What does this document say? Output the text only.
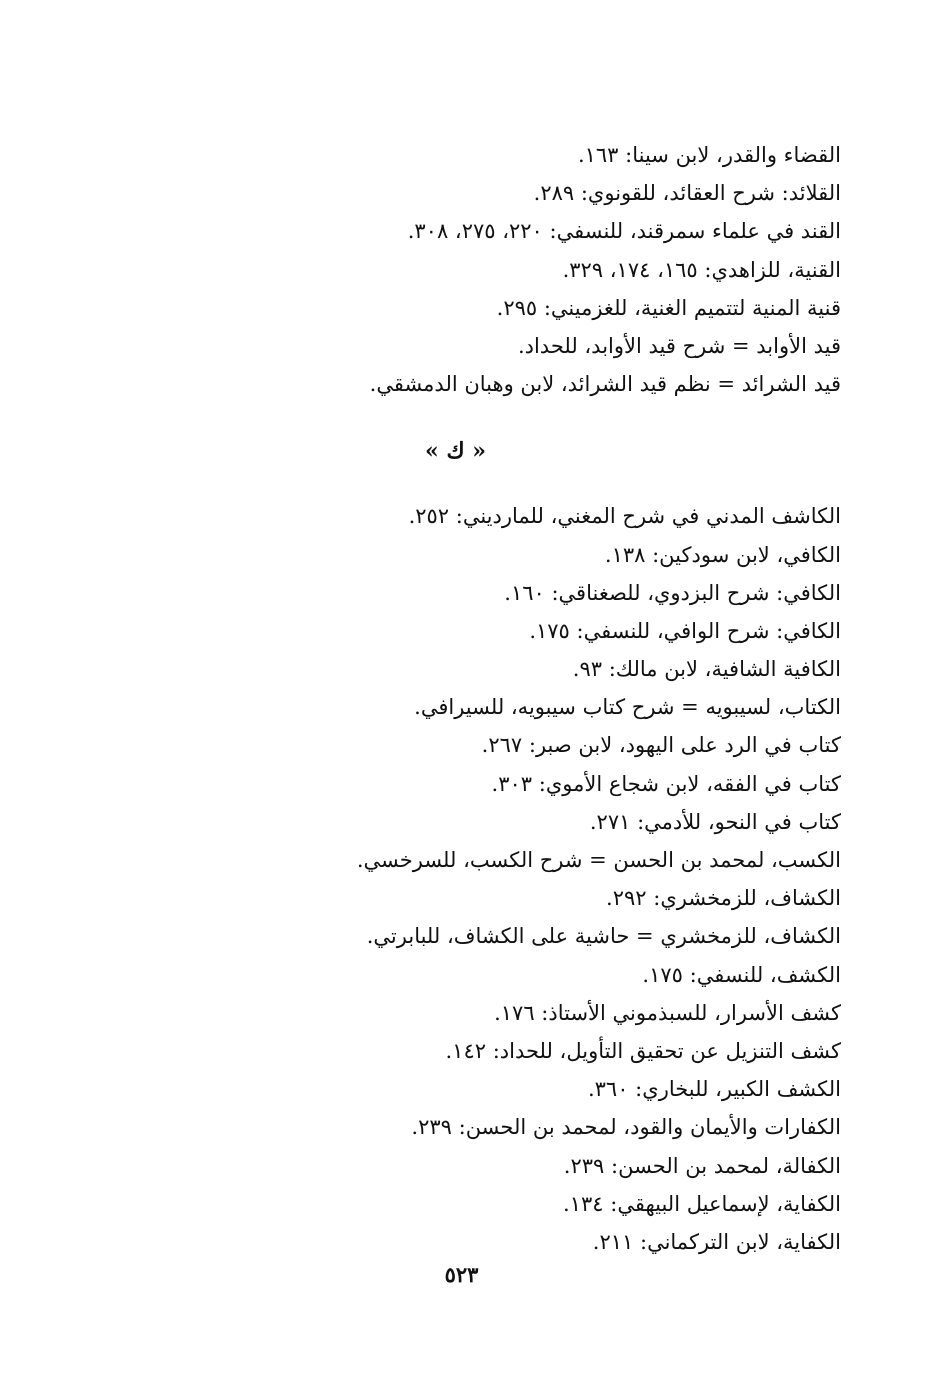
القضاء والقدر، لابن سينا: ١٦٣.
القلائد: شرح العقائد، للقونوي: ٢٨٩.
القند في علماء سمرقند، للنسفي: ٢٢٠، ٢٧٥، ٣٠٨.
القنية، للزاهدي: ١٦٥، ١٧٤، ٣٢٩.
قنية المنية لتتميم الغنية، للغزميني: ٢٩٥.
قيد الأوابد = شرح قيد الأوابد، للحداد.
قيد الشرائد = نظم قيد الشرائد، لابن وهبان الدمشقي.
« ك »
الكاشف المدني في شرح المغني، للمارديني: ٢٥٢.
الكافي، لابن سودكين: ١٣٨.
الكافي: شرح البزدوي، للصغناقي: ١٦٠.
الكافي: شرح الوافي، للنسفي: ١٧٥.
الكافية الشافية، لابن مالك: ٩٣.
الكتاب، لسيبويه = شرح كتاب سيبويه، للسيرافي.
كتاب في الرد على اليهود، لابن صبر: ٢٦٧.
كتاب في الفقه، لابن شجاع الأموي: ٣٠٣.
كتاب في النحو، للأدمي: ٢٧١.
الكسب، لمحمد بن الحسن = شرح الكسب، للسرخسي.
الكشاف، للزمخشري: ٢٩٢.
الكشاف، للزمخشري = حاشية على الكشاف، للبابرتي.
الكشف، للنسفي: ١٧٥.
كشف الأسرار، للسبذموني الأستاذ: ١٧٦.
كشف التنزيل عن تحقيق التأويل، للحداد: ١٤٢.
الكشف الكبير، للبخاري: ٣٦٠.
الكفارات والأيمان والقود، لمحمد بن الحسن: ٢٣٩.
الكفالة، لمحمد بن الحسن: ٢٣٩.
الكفاية، لإسماعيل البيهقي: ١٣٤.
الكفاية، لابن التركماني: ٢١١.
٥٢٣
